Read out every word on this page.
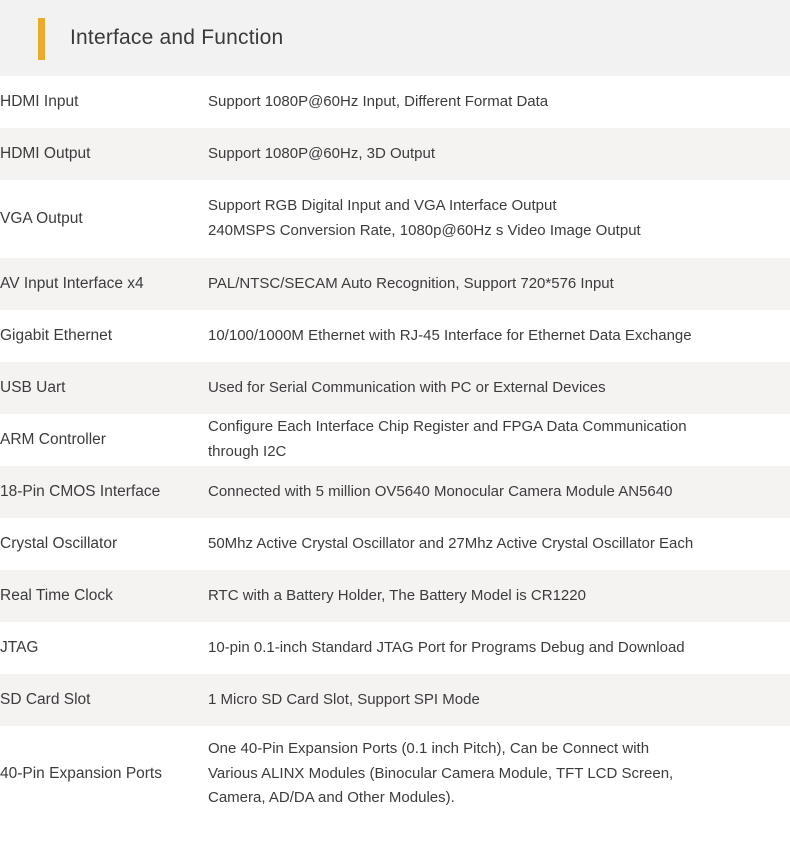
Interface and Function
HDMI Input	Support 1080P@60Hz Input, Different Format Data

HDMI Output	Support 1080P@60Hz, 3D Output

VGA Output	Support RGB Digital Input and VGA Interface Output
240MSPS Conversion Rate, 1080p@60Hz s Video Image Output

AV Input Interface x4	PAL/NTSC/SECAM Auto Recognition, Support 720*576 Input

Gigabit Ethernet	10/100/1000M Ethernet with RJ-45 Interface for Ethernet Data Exchange

USB Uart	Used for Serial Communication with PC or External Devices

ARM Controller	Configure Each Interface Chip Register and FPGA Data Communication
through I2C

18-Pin CMOS Interface	Connected with 5 million OV5640 Monocular Camera Module AN5640

Crystal Oscillator	50Mhz Active Crystal Oscillator and 27Mhz Active Crystal Oscillator Each

Real Time Clock	RTC with a Battery Holder, The Battery Model is CR1220

JTAG	10-pin 0.1-inch Standard JTAG Port for Programs Debug and Download

SD Card Slot	1 Micro SD Card Slot, Support SPI Mode

40-Pin Expansion Ports	One 40-Pin Expansion Ports (0.1 inch Pitch), Can be Connect with
Various ALINX Modules (Binocular Camera Module, TFT LCD Screen,
Camera, AD/DA and Other Modules).
